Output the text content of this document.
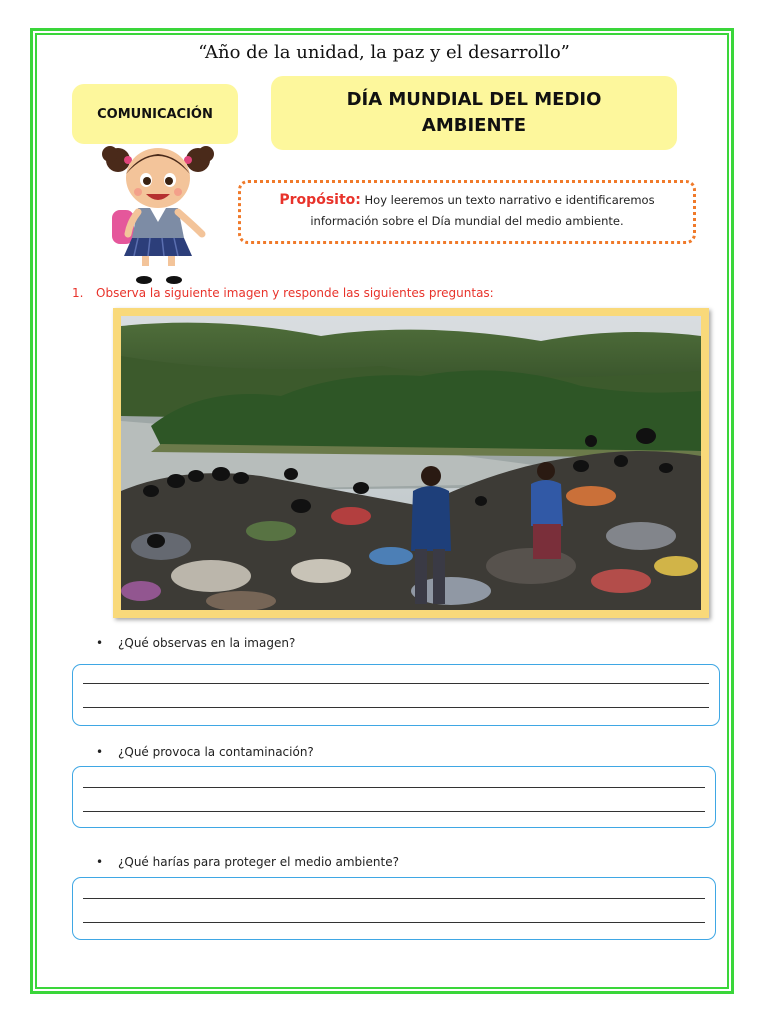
“Año de la unidad, la paz y el desarrollo”
COMUNICACIÓN
DÍA MUNDIAL DEL MEDIO AMBIENTE
Propósito: Hoy leeremos un texto narrativo e identificaremos información sobre el Día mundial del medio ambiente.
1. Observa la siguiente imagen y responde las siguientes preguntas:
• ¿Qué observas en la imagen?
• ¿Qué provoca la contaminación?
• ¿Qué harías para proteger el medio ambiente?
